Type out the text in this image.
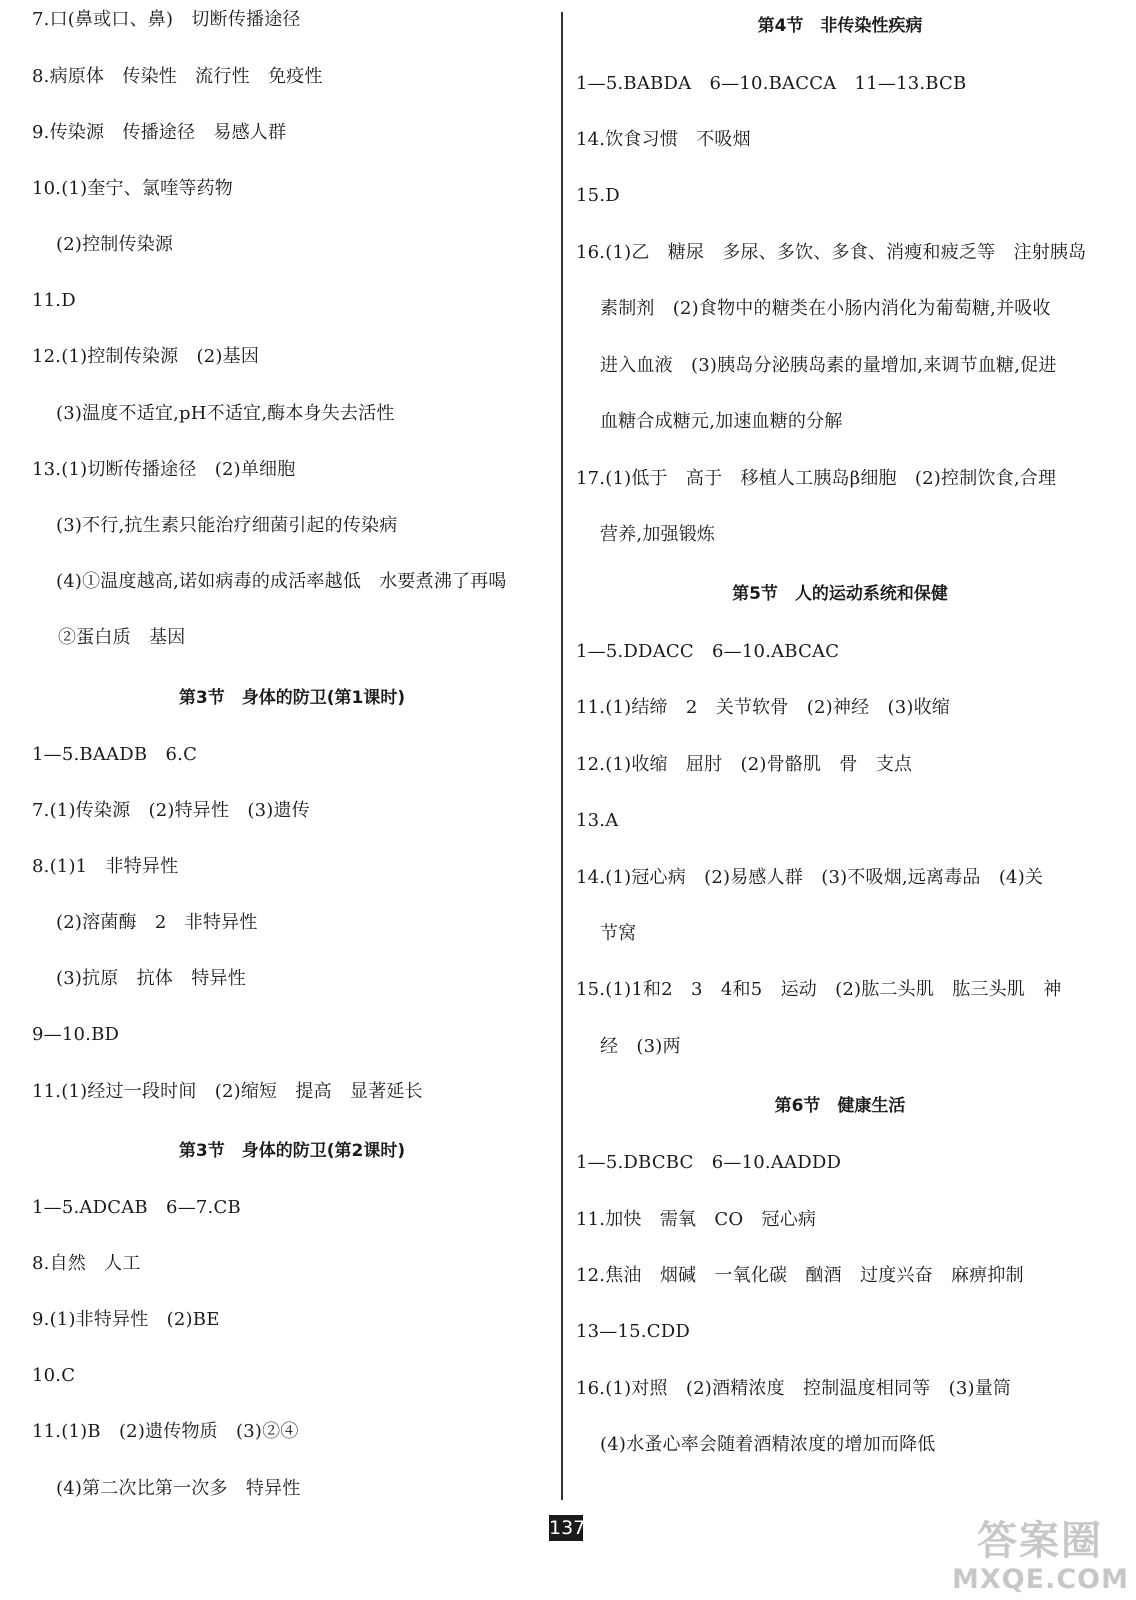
7.口(鼻或口、鼻)　切断传播途径
8.病原体　传染性　流行性　免疫性
9.传染源　传播途径　易感人群
10.(1)奎宁、氯喹等药物
(2)控制传染源
11.D
12.(1)控制传染源　(2)基因
(3)温度不适宜,pH不适宜,酶本身失去活性
13.(1)切断传播途径　(2)单细胞
(3)不行,抗生素只能治疗细菌引起的传染病
(4)①温度越高,诺如病毒的成活率越低　水要煮沸了再喝
②蛋白质　基因
第3节　身体的防卫(第1课时)
1—5.BAADB　6.C
7.(1)传染源　(2)特异性　(3)遗传
8.(1)1　非特异性
(2)溶菌酶　2　非特异性
(3)抗原　抗体　特异性
9—10.BD
11.(1)经过一段时间　(2)缩短　提高　显著延长
第3节　身体的防卫(第2课时)
1—5.ADCAB　6—7.CB
8.自然　人工
9.(1)非特异性　(2)BE
10.C
11.(1)B　(2)遗传物质　(3)②④
(4)第二次比第一次多　特异性
第4节　非传染性疾病
1—5.BABDA　6—10.BACCA　11—13.BCB
14.饮食习惯　不吸烟
15.D
16.(1)乙　糖尿　多尿、多饮、多食、消瘦和疲乏等　注射胰岛
素制剂　(2)食物中的糖类在小肠内消化为葡萄糖,并吸收
进入血液　(3)胰岛分泌胰岛素的量增加,来调节血糖,促进
血糖合成糖元,加速血糖的分解
17.(1)低于　高于　移植人工胰岛β细胞　(2)控制饮食,合理
营养,加强锻炼
第5节　人的运动系统和保健
1—5.DDACC　6—10.ABCAC
11.(1)结缔　2　关节软骨　(2)神经　(3)收缩
12.(1)收缩　屈肘　(2)骨骼肌　骨　支点
13.A
14.(1)冠心病　(2)易感人群　(3)不吸烟,远离毒品　(4)关
节窝
15.(1)1和2　3　4和5　运动　(2)肱二头肌　肱三头肌　神
经　(3)两
第6节　健康生活
1—5.DBCBC　6—10.AADDD
11.加快　需氧　CO　冠心病
12.焦油　烟碱　一氧化碳　酗酒　过度兴奋　麻痹抑制
13—15.CDD
16.(1)对照　(2)酒精浓度　控制温度相同等　(3)量筒
(4)水蚤心率会随着酒精浓度的增加而降低
137	答案圈
MXQE.COM
